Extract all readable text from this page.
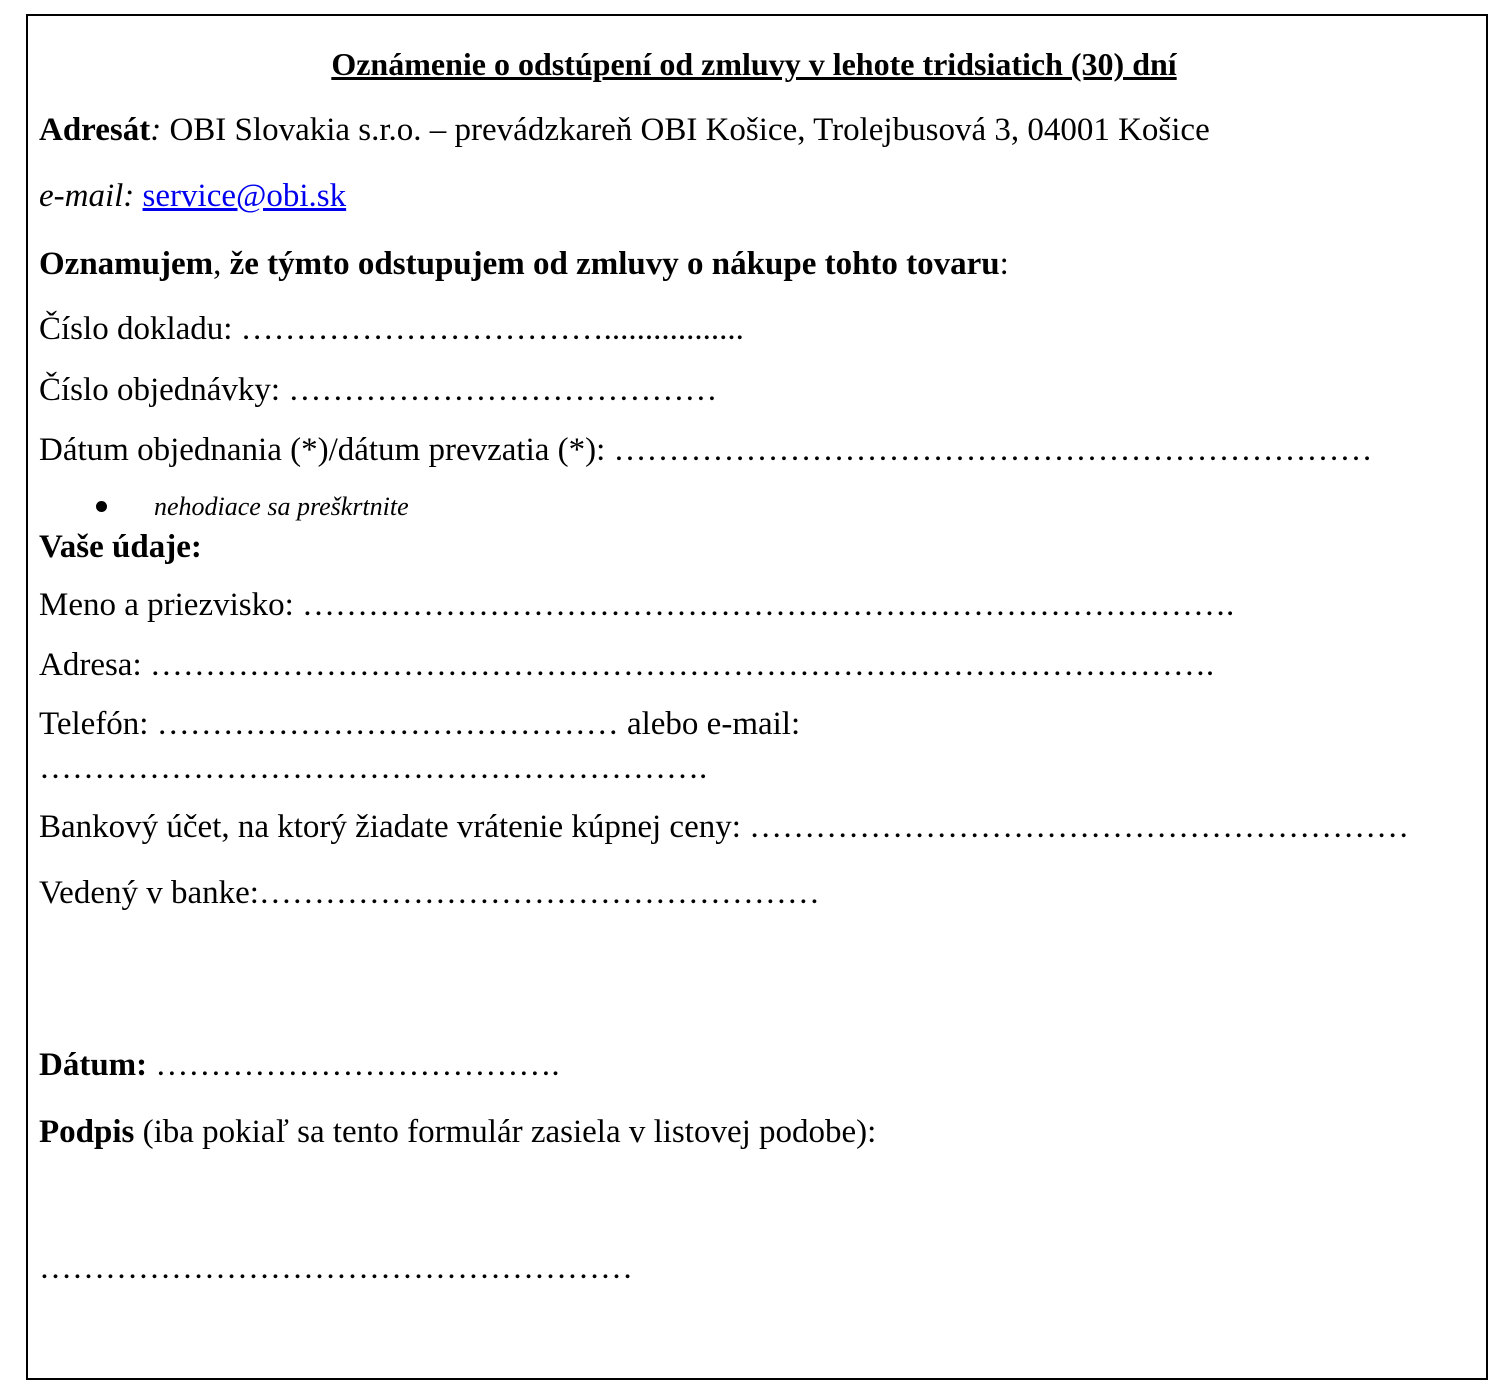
Oznámenie o odstúpení od zmluvy v lehote tridsiatich (30) dní
Adresát: OBI Slovakia s.r.o. – prevádzkareň OBI Košice, Trolejbusová 3, 04001 Košice
e-mail: service@obi.sk
Oznamujem, že týmto odstupujem od zmluvy o nákupe tohto tovaru:
Číslo dokladu: …………………………….................
Číslo objednávky: …………………………………
Dátum objednania (*)/dátum prevzatia (*): ……………………………………………………………
nehodiace sa preškrtnite
Vaše údaje:
Meno a priezvisko: ………………………………………………………………………….
Adresa: …………………………………………………………………………………….
Telefón: …………………………………… alebo e-mail:
…………………………………………………….
Bankový účet, na ktorý žiadate vrátenie kúpnej ceny: ……………………………………………………
Vedený v banke:……………………………………………
Dátum: ……………………………….
Podpis (iba pokiaľ sa tento formulár zasiela v listovej podobe):
………………………………………………
